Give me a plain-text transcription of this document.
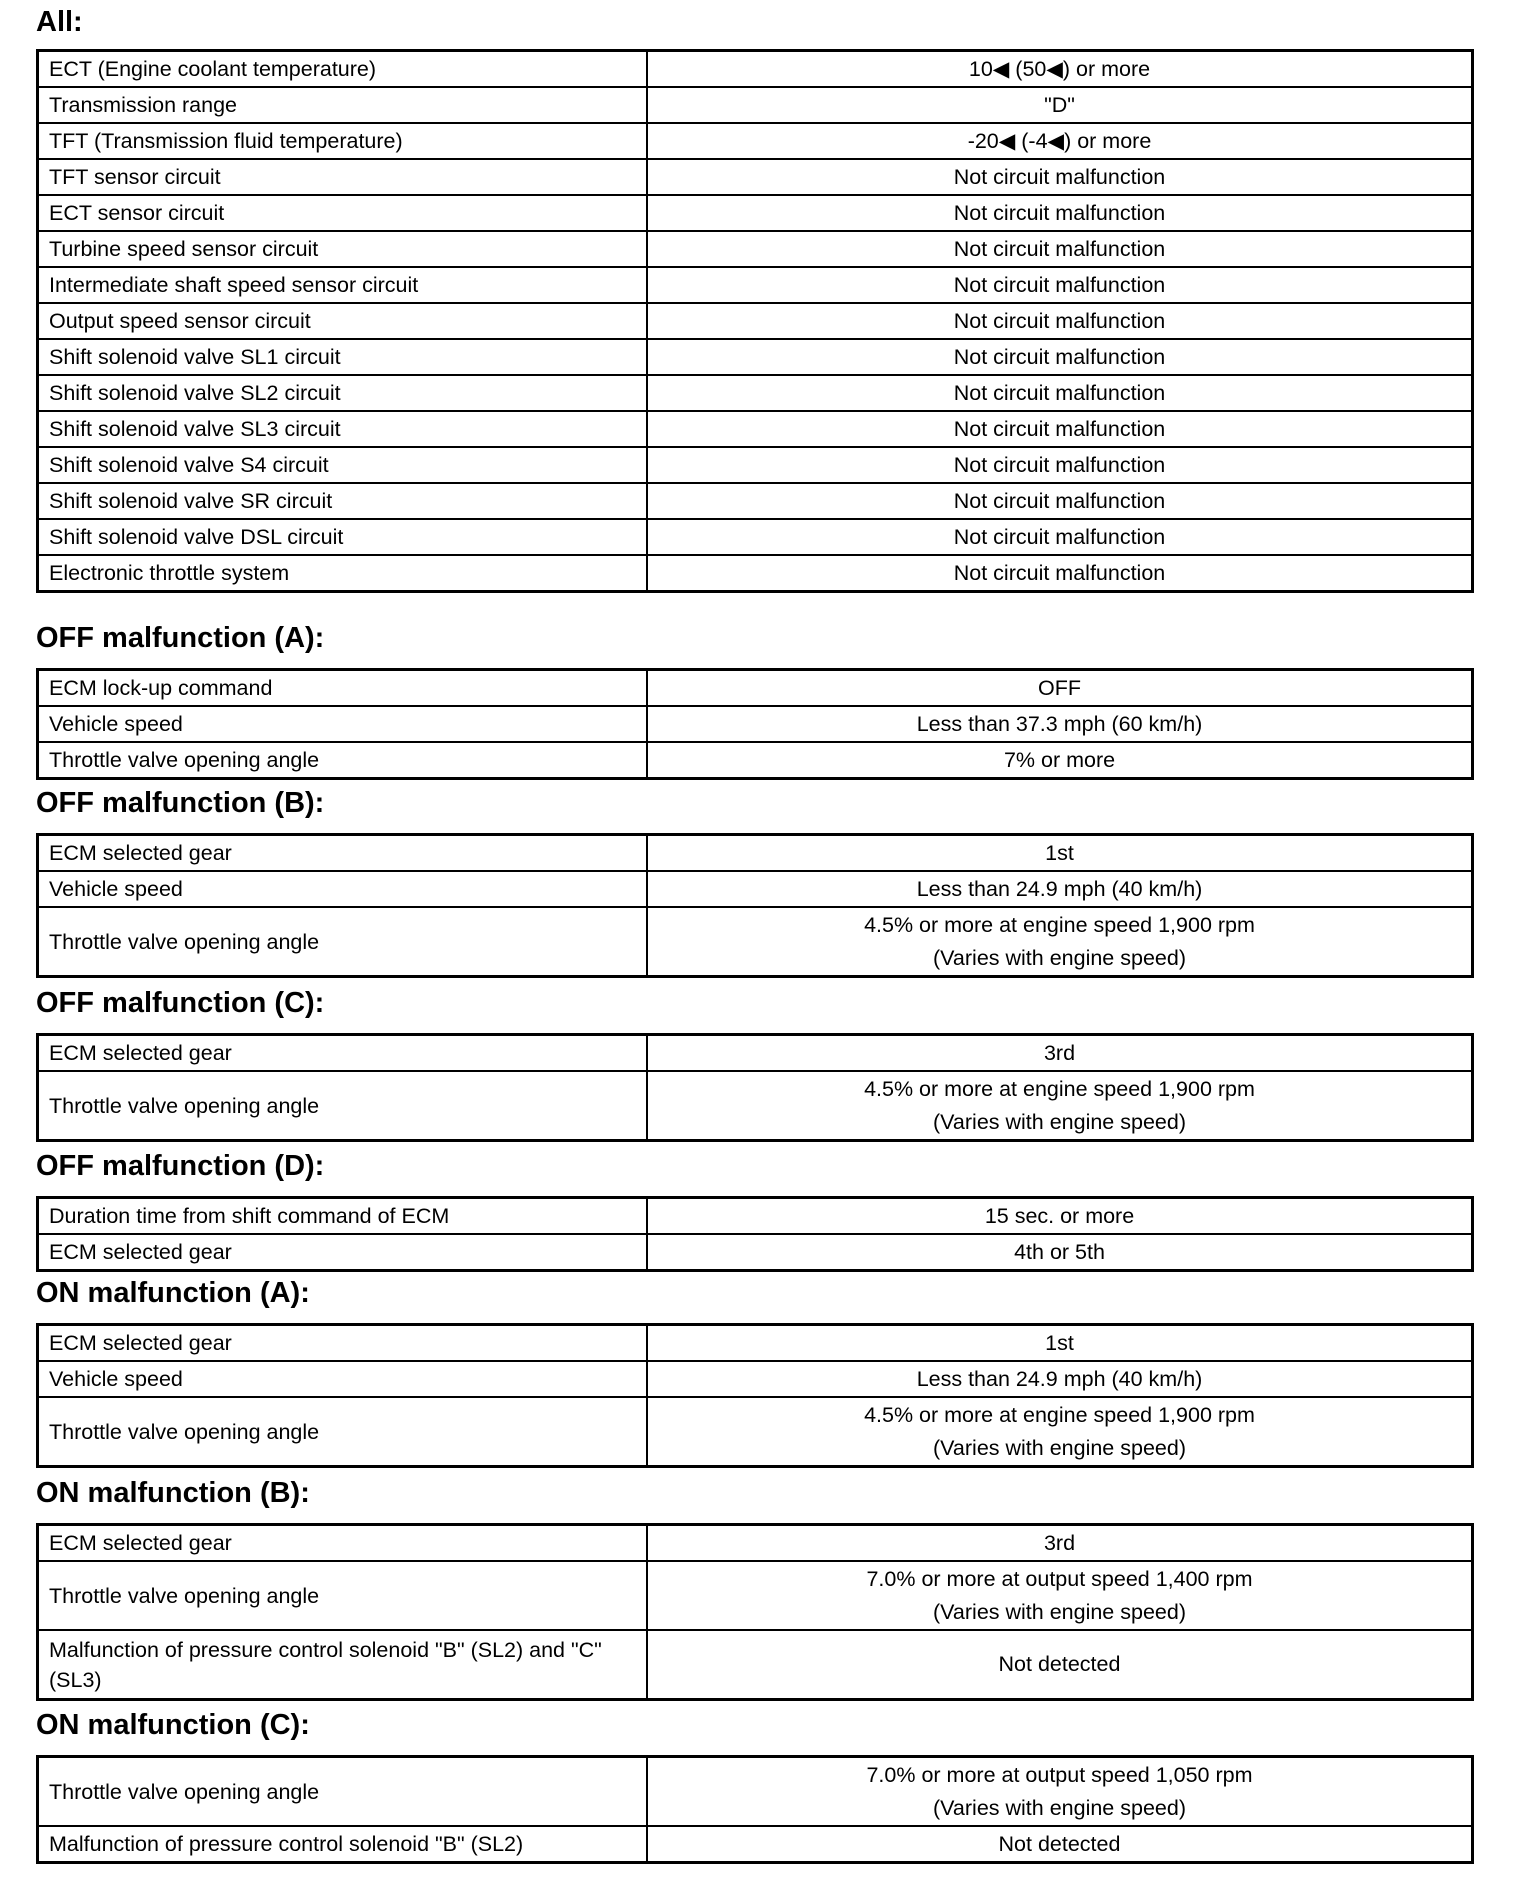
All:
ECT (Engine coolant temperature)	10◀ (50◀) or more
Transmission range	"D"
TFT (Transmission fluid temperature)	-20◀ (-4◀) or more
TFT sensor circuit	Not circuit malfunction
ECT sensor circuit	Not circuit malfunction
Turbine speed sensor circuit	Not circuit malfunction
Intermediate shaft speed sensor circuit	Not circuit malfunction
Output speed sensor circuit	Not circuit malfunction
Shift solenoid valve SL1 circuit	Not circuit malfunction
Shift solenoid valve SL2 circuit	Not circuit malfunction
Shift solenoid valve SL3 circuit	Not circuit malfunction
Shift solenoid valve S4 circuit	Not circuit malfunction
Shift solenoid valve SR circuit	Not circuit malfunction
Shift solenoid valve DSL circuit	Not circuit malfunction
Electronic throttle system	Not circuit malfunction
OFF malfunction (A):
ECM lock-up command	OFF
Vehicle speed	Less than 37.3 mph (60 km/h)
Throttle valve opening angle	7% or more
OFF malfunction (B):
ECM selected gear	1st
Vehicle speed	Less than 24.9 mph (40 km/h)
Throttle valve opening angle	4.5% or more at engine speed 1,900 rpm
(Varies with engine speed)
OFF malfunction (C):
ECM selected gear	3rd
Throttle valve opening angle	4.5% or more at engine speed 1,900 rpm
(Varies with engine speed)
OFF malfunction (D):
Duration time from shift command of ECM	15 sec. or more
ECM selected gear	4th or 5th
ON malfunction (A):
ECM selected gear	1st
Vehicle speed	Less than 24.9 mph (40 km/h)
Throttle valve opening angle	4.5% or more at engine speed 1,900 rpm
(Varies with engine speed)
ON malfunction (B):
ECM selected gear	3rd
Throttle valve opening angle	7.0% or more at output speed 1,400 rpm
(Varies with engine speed)

Malfunction of pressure control solenoid "B" (SL2) and "C" (SL3)	Not detected
ON malfunction (C):
Throttle valve opening angle	7.0% or more at output speed 1,050 rpm
(Varies with engine speed)

Malfunction of pressure control solenoid "B" (SL2)	Not detected
